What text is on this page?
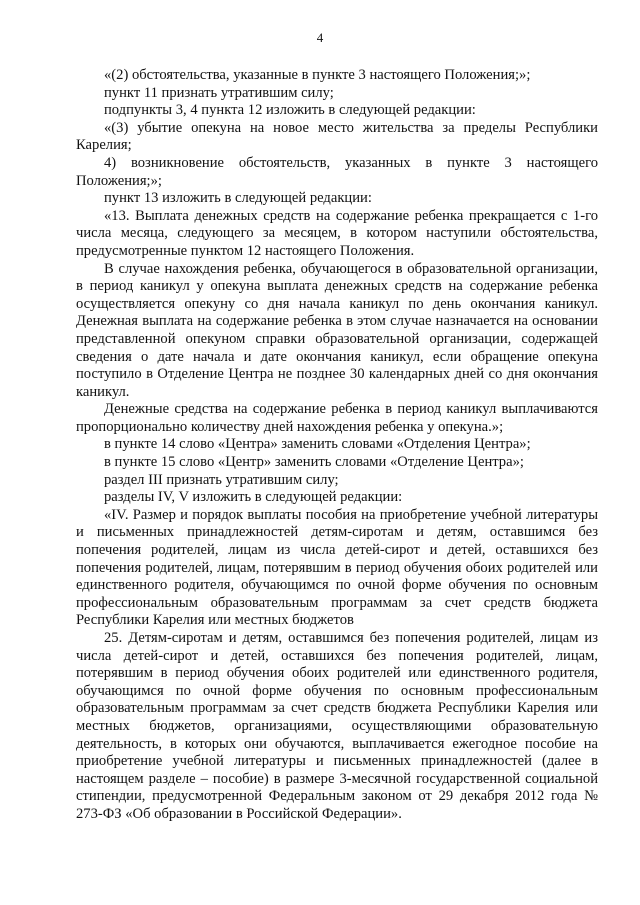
4

«(2) обстоятельства, указанные в пункте 3 настоящего Положения;»;

пункт 11 признать утратившим силу;

подпункты 3, 4 пункта 12 изложить в следующей редакции:

«(3) убытие опекуна на новое место жительства за пределы Республики Карелия;

4) возникновение обстоятельств, указанных в пункте 3 настоящего Положения;»;

пункт 13 изложить в следующей редакции:

«13. Выплата денежных средств на содержание ребенка прекращается с 1-го числа месяца, следующего за месяцем, в котором наступили обстоятельства, предусмотренные пунктом 12 настоящего Положения.

В случае нахождения ребенка, обучающегося в образовательной организации, в период каникул у опекуна выплата денежных средств на содержание ребенка осуществляется опекуну со дня начала каникул по день окончания каникул. Денежная выплата на содержание ребенка в этом случае назначается на основании представленной опекуном справки образовательной организации, содержащей сведения о дате начала и дате окончания каникул, если обращение опекуна поступило в Отделение Центра не позднее 30 календарных дней со дня окончания каникул.

Денежные средства на содержание ребенка в период каникул выплачиваются пропорционально количеству дней нахождения ребенка у опекуна.»;

в пункте 14 слово «Центра» заменить словами «Отделения Центра»;

в пункте 15 слово «Центр» заменить словами «Отделение Центра»;

раздел III признать утратившим силу;

разделы IV, V изложить в следующей редакции:

«IV. Размер и порядок выплаты пособия на приобретение учебной литературы и письменных принадлежностей детям-сиротам и детям, оставшимся без попечения родителей, лицам из числа детей-сирот и детей, оставшихся без попечения родителей, лицам, потерявшим в период обучения обоих родителей или единственного родителя, обучающимся по очной форме обучения по основным профессиональным образовательным программам за счет средств бюджета Республики Карелия или местных бюджетов

25. Детям-сиротам и детям, оставшимся без попечения родителей, лицам из числа детей-сирот и детей, оставшихся без попечения родителей, лицам, потерявшим в период обучения обоих родителей или единственного родителя, обучающимся по очной форме обучения по основным профессиональным образовательным программам за счет средств бюджета Республики Карелия или местных бюджетов, организациями, осуществляющими образовательную деятельность, в которых они обучаются, выплачивается ежегодное пособие на приобретение учебной литературы и письменных принадлежностей (далее в настоящем разделе – пособие) в размере 3-месячной государственной социальной стипендии, предусмотренной Федеральным законом от 29 декабря 2012 года № 273-ФЗ «Об образовании в Российской Федерации».
